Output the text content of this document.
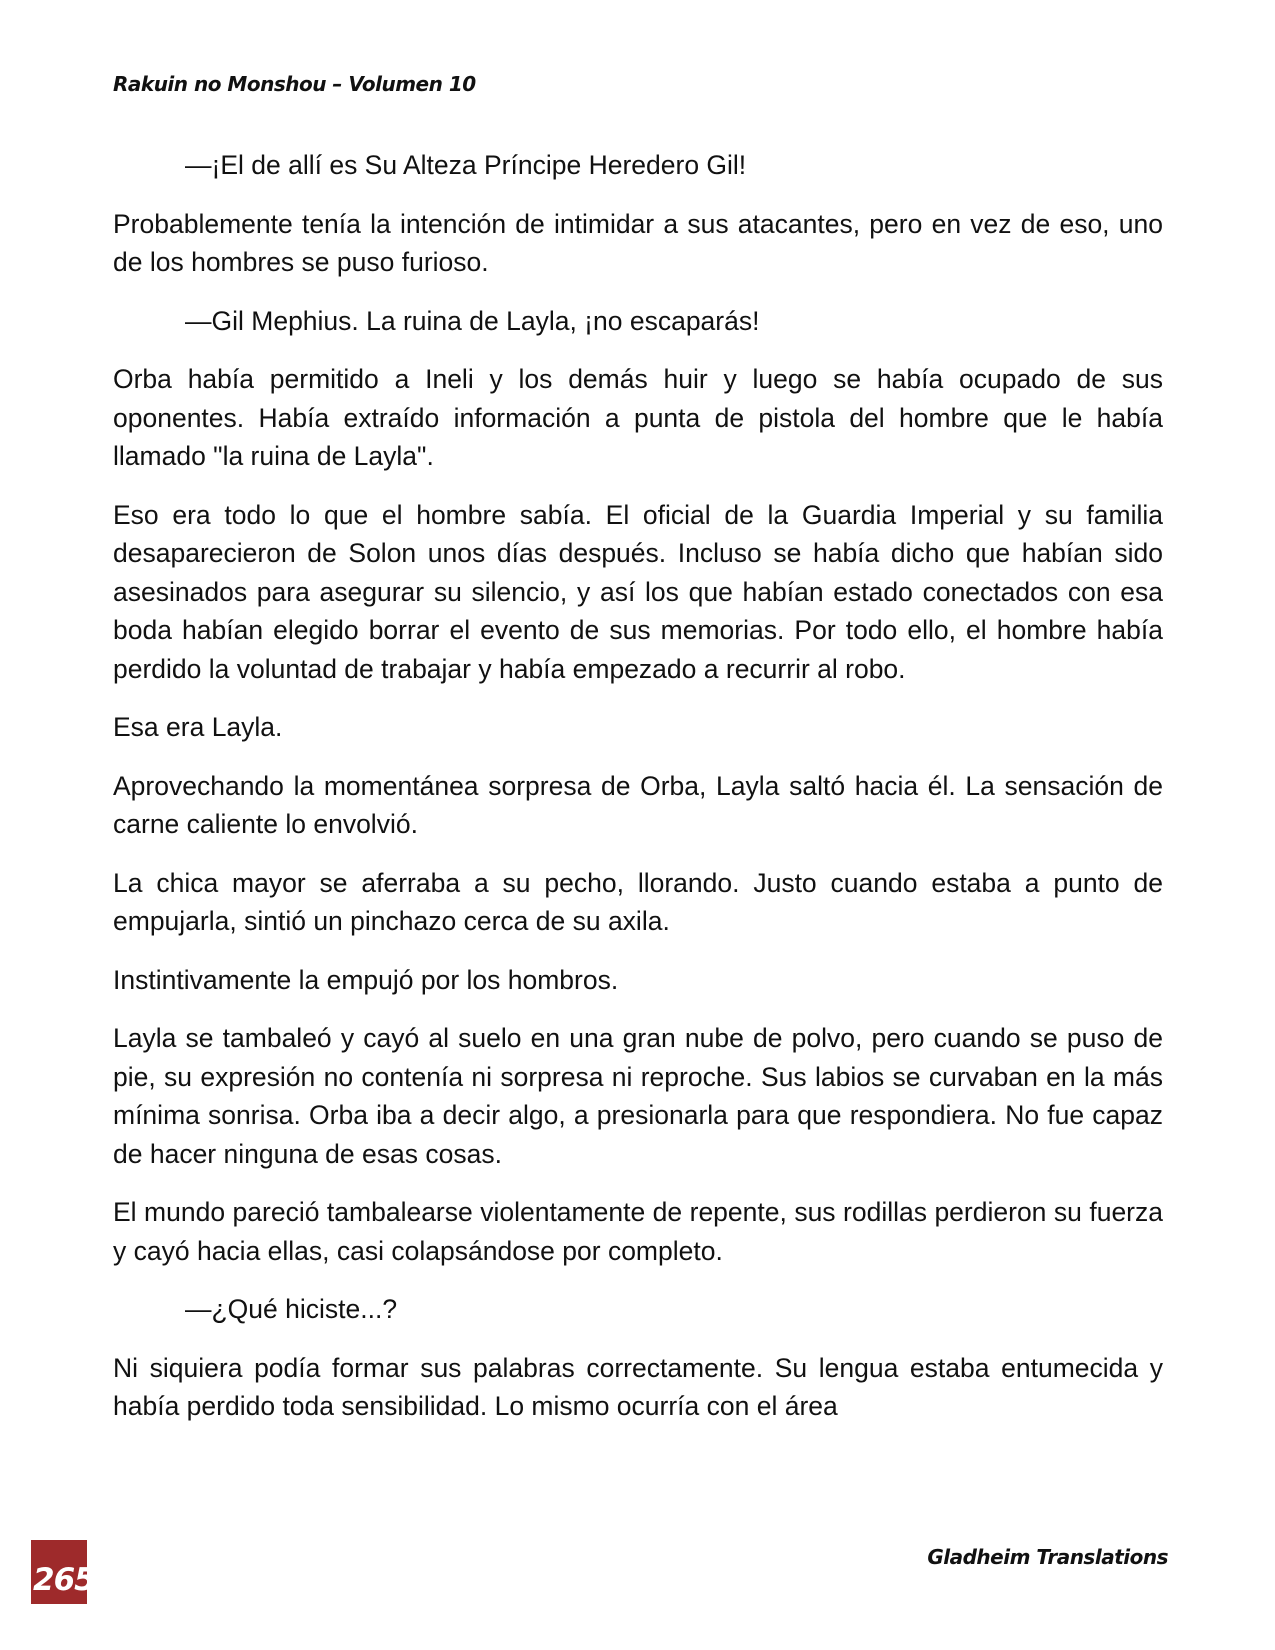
Rakuin no Monshou – Volumen 10

—¡El de allí es Su Alteza Príncipe Heredero Gil!

Probablemente tenía la intención de intimidar a sus atacantes, pero en vez de eso, uno de los hombres se puso furioso.

—Gil Mephius. La ruina de Layla, ¡no escaparás!

Orba había permitido a Ineli y los demás huir y luego se había ocupado de sus oponentes. Había extraído información a punta de pistola del hombre que le había llamado "la ruina de Layla".

Eso era todo lo que el hombre sabía. El oficial de la Guardia Imperial y su familia desaparecieron de Solon unos días después. Incluso se había dicho que habían sido asesinados para asegurar su silencio, y así los que habían estado conectados con esa boda habían elegido borrar el evento de sus memorias. Por todo ello, el hombre había perdido la voluntad de trabajar y había empezado a recurrir al robo.

Esa era Layla.

Aprovechando la momentánea sorpresa de Orba, Layla saltó hacia él. La sensación de carne caliente lo envolvió.

La chica mayor se aferraba a su pecho, llorando. Justo cuando estaba a punto de empujarla, sintió un pinchazo cerca de su axila.

Instintivamente la empujó por los hombros.

Layla se tambaleó y cayó al suelo en una gran nube de polvo, pero cuando se puso de pie, su expresión no contenía ni sorpresa ni reproche. Sus labios se curvaban en la más mínima sonrisa. Orba iba a decir algo, a presionarla para que respondiera. No fue capaz de hacer ninguna de esas cosas.

El mundo pareció tambalearse violentamente de repente, sus rodillas perdieron su fuerza y cayó hacia ellas, casi colapsándose por completo.

—¿Qué hiciste...?

Ni siquiera podía formar sus palabras correctamente. Su lengua estaba entumecida y había perdido toda sensibilidad. Lo mismo ocurría con el área

265
Gladheim Translations
